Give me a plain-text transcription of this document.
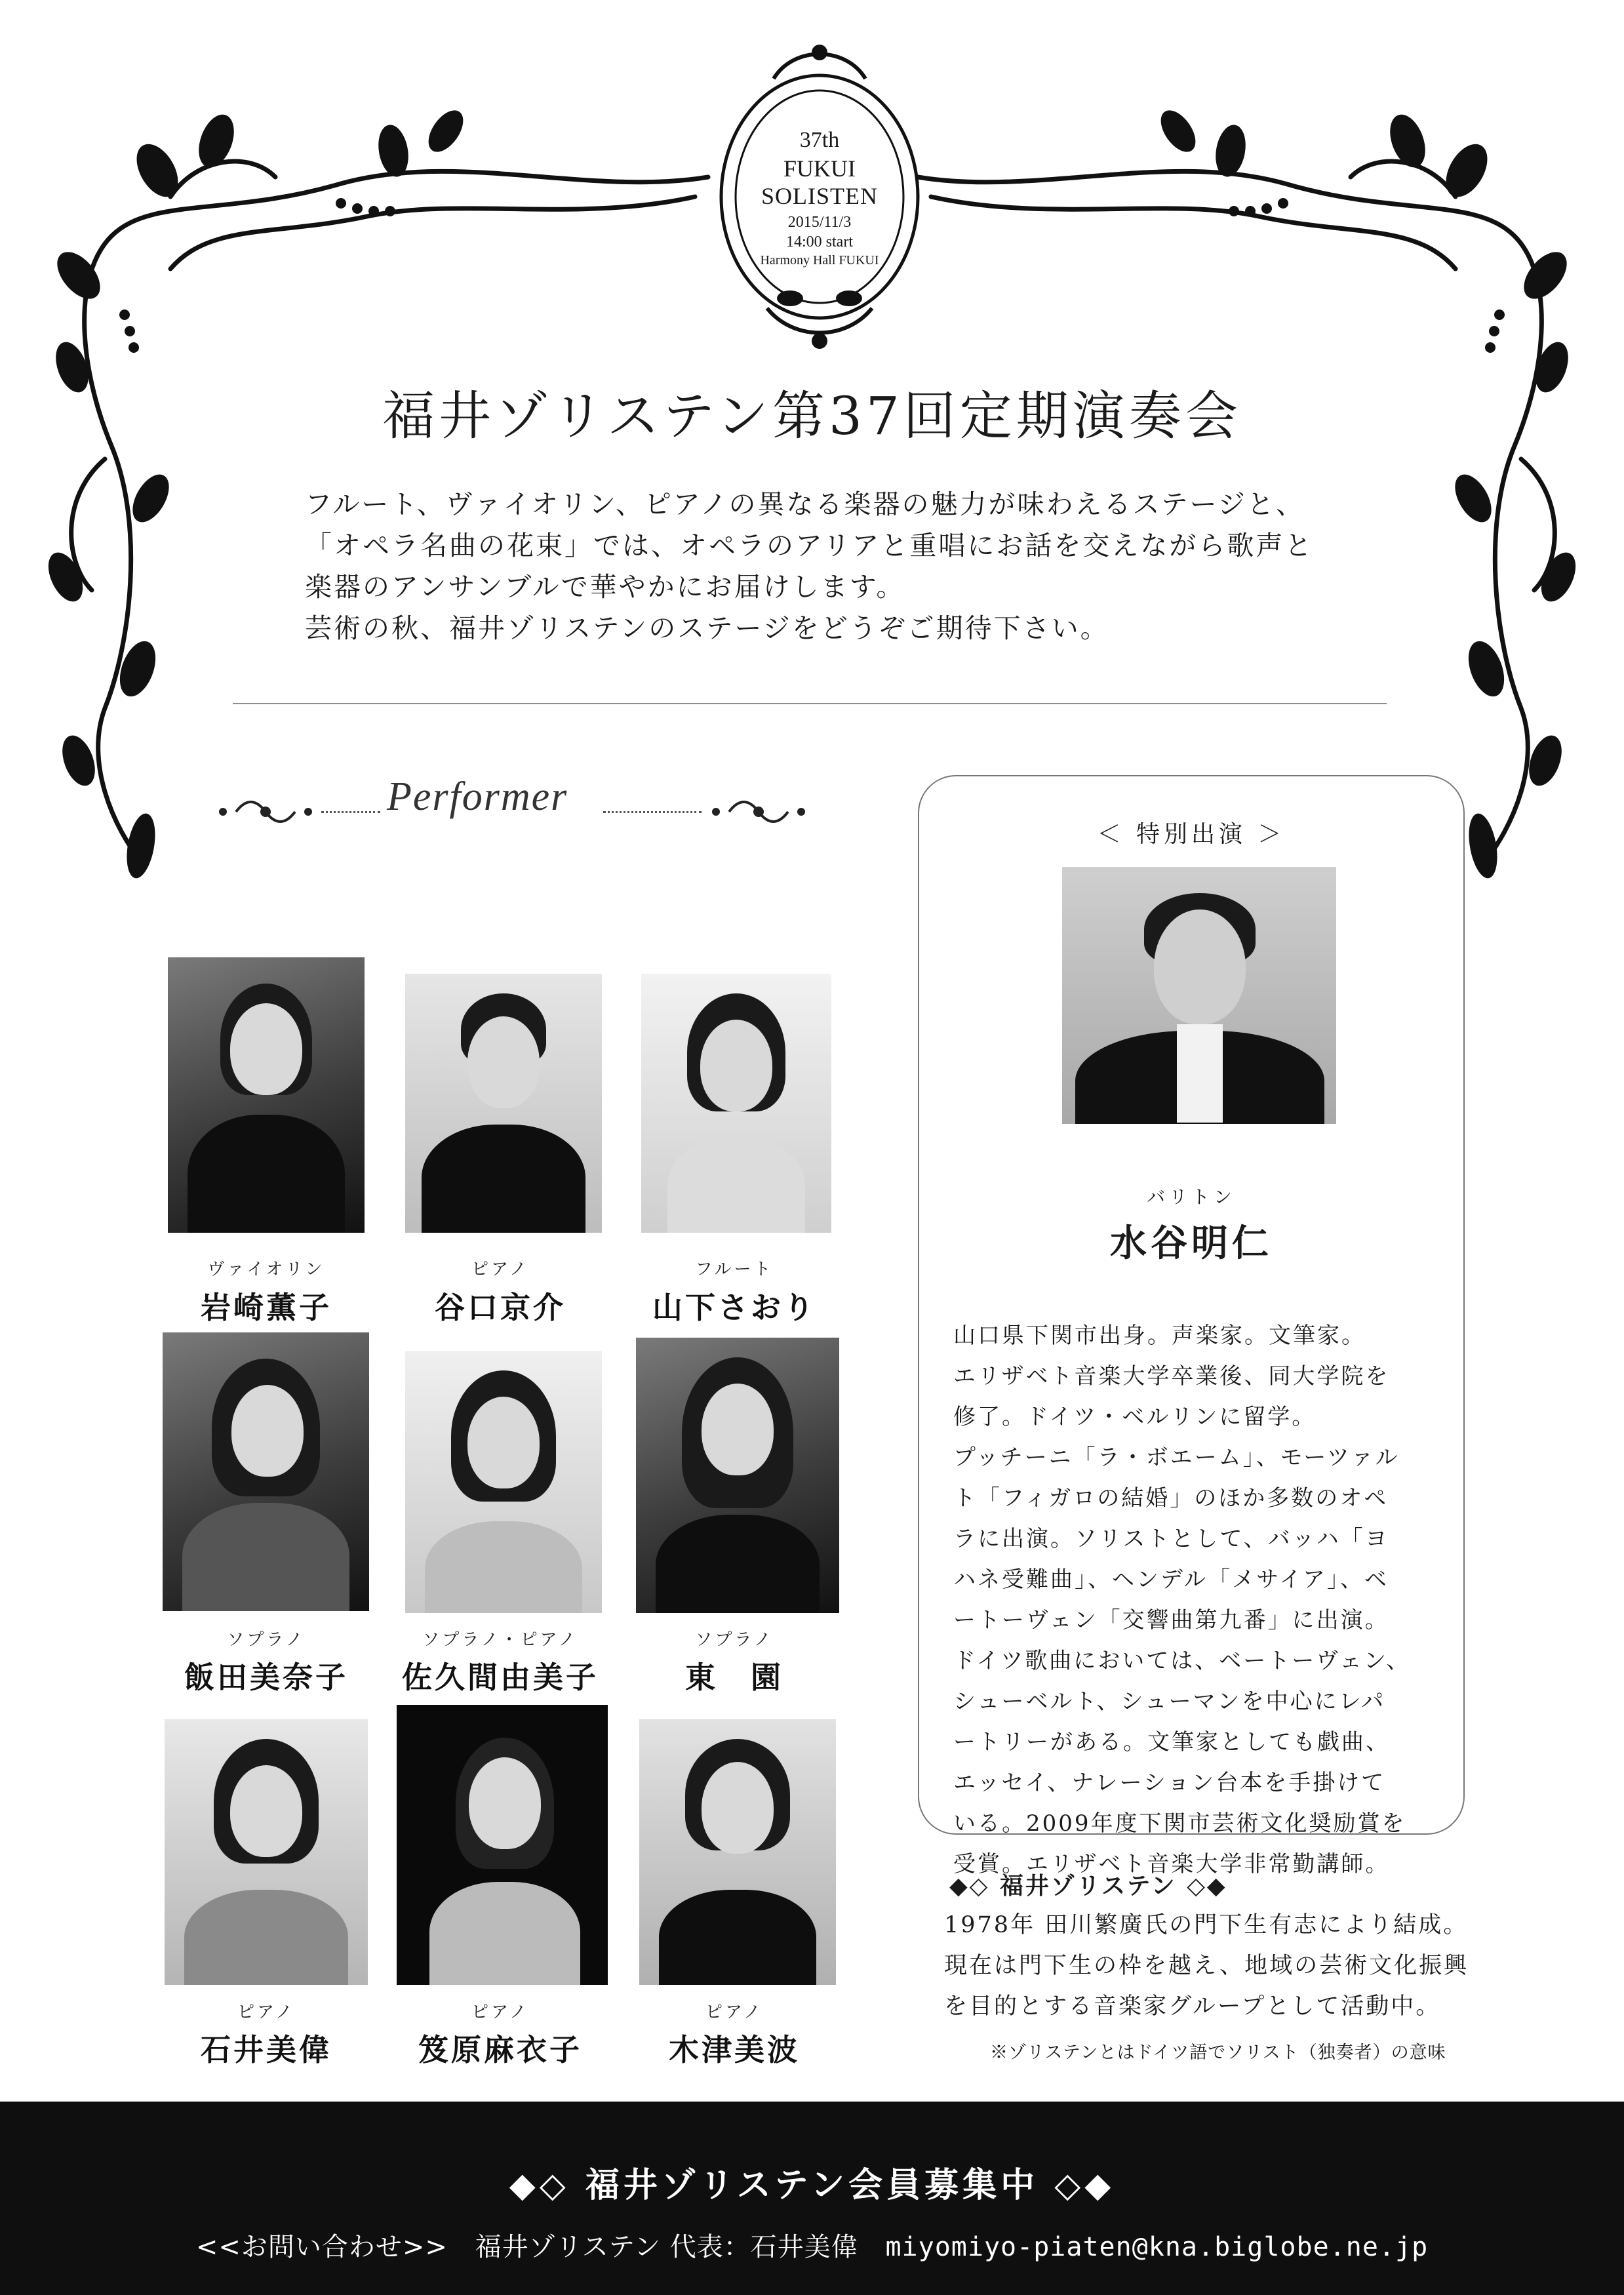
37th
FUKUI
SOLISTEN
2015/11/3
14:00 start
Harmony Hall FUKUI
福井ゾリステン第37回定期演奏会

フルート、ヴァイオリン、ピアノの異なる楽器の魅力が味わえるステージと、

「オペラ名曲の花束」では、オペラのアリアと重唱にお話を交えながら歌声と

楽器のアンサンブルで華やかにお届けします。

芸術の秋、福井ゾリステンのステージをどうぞご期待下さい。

Performer
ヴァイオリン
岩崎薫子
ピアノ
谷口京介
フルート
山下さおり
ソプラノ
飯田美奈子
ソプラノ・ピアノ
佐久間由美子
ソプラノ
東　園
ピアノ
石井美偉
ピアノ
笈原麻衣子
ピアノ
木津美波
＜ 特別出演 ＞
バリトン
水谷明仁

山口県下関市出身。声楽家。文筆家。

エリザベト音楽大学卒業後、同大学院を

修了。ドイツ・ベルリンに留学。

プッチーニ「ラ・ボエーム」、モーツァル

ト「フィガロの結婚」のほか多数のオペ

ラに出演。ソリストとして、バッハ「ヨ

ハネ受難曲」、ヘンデル「メサイア」、ベ

ートーヴェン「交響曲第九番」に出演。

ドイツ歌曲においては、ベートーヴェン、

シューベルト、シューマンを中心にレパ

ートリーがある。文筆家としても戯曲、

エッセイ、ナレーション台本を手掛けて

いる。2009年度下関市芸術文化奨励賞を

受賞。エリザベト音楽大学非常勤講師。

◆◇ 福井ゾリステン ◇◆

1978年 田川繁廣氏の門下生有志により結成。

現在は門下生の枠を越え、地域の芸術文化振興

を目的とする音楽家グループとして活動中。

※ゾリステンとはドイツ語でソリスト（独奏者）の意味
◆◇ 福井ゾリステン会員募集中 ◇◆
<<お問い合わせ>> 福井ゾリステン 代表：石井美偉 miyomiyo-piaten@kna.biglobe.ne.jp
